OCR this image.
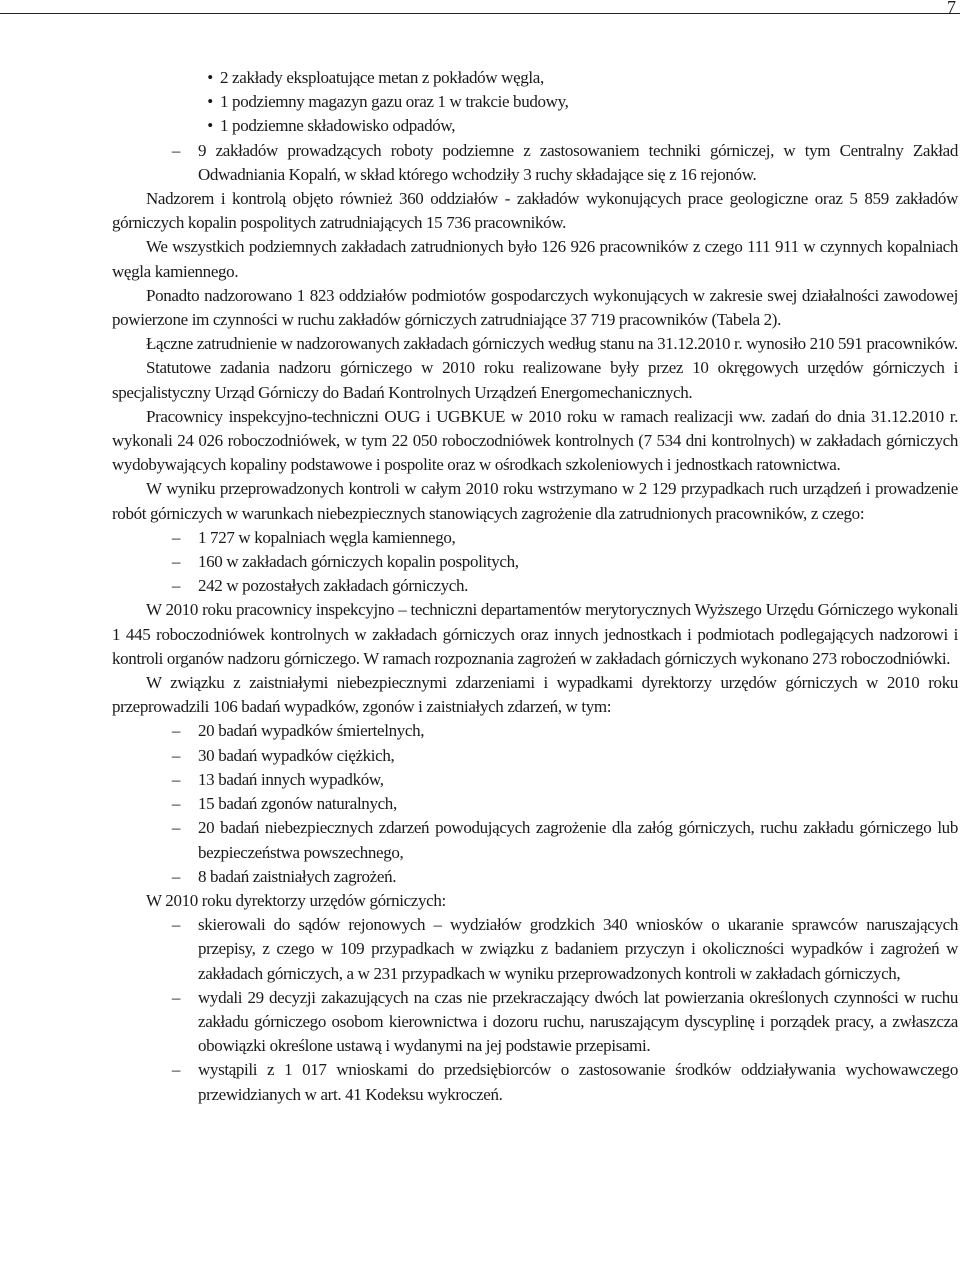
7
• 2 zakłady eksploatujące metan z pokładów węgla,
• 1 podziemny magazyn gazu oraz 1 w trakcie budowy,
• 1 podziemne składowisko odpadów,
–	9 zakładów prowadzących roboty podziemne z zastosowaniem techniki górniczej, w tym Centralny Zakład Odwadniania Kopalń, w skład którego wchodziły 3 ruchy składające się z 16 rejonów.

Nadzorem i kontrolą objęto również 360 oddziałów - zakładów wykonujących prace geologiczne oraz 5 859 zakładów górniczych kopalin pospolitych zatrudniających 15 736 pracowników.

We wszystkich podziemnych zakładach zatrudnionych było 126 926 pracowników z czego 111 911 w czynnych kopalniach węgla kamiennego.

Ponadto nadzorowano 1 823 oddziałów podmiotów gospodarczych wykonujących w zakresie swej działalności zawodowej powierzone im czynności w ruchu zakładów górniczych zatrudniające 37 719 pracowników (Tabela 2).

Łączne zatrudnienie w nadzorowanych zakładach górniczych według stanu na 31.12.2010 r. wynosiło 210 591 pracowników.

Statutowe zadania nadzoru górniczego w 2010 roku realizowane były przez 10 okręgowych urzędów górniczych i specjalistyczny Urząd Górniczy do Badań Kontrolnych Urządzeń Energomechanicznych.

Pracownicy inspekcyjno-techniczni OUG i UGBKUE w 2010 roku w ramach realizacji ww. zadań do dnia 31.12.2010 r. wykonali 24 026 roboczodniówek, w tym 22 050 roboczodniówek kontrolnych (7 534 dni kontrolnych) w zakładach górniczych wydobywających kopaliny podstawowe i pospolite oraz w ośrodkach szkoleniowych i jednostkach ratownictwa.

W wyniku przeprowadzonych kontroli w całym 2010 roku wstrzymano w 2 129 przypadkach ruch urządzeń i prowadzenie robót górniczych w warunkach niebezpiecznych stanowiących zagrożenie dla zatrudnionych pracowników, z czego:

–	1 727 w kopalniach węgla kamiennego,
–	160 w zakładach górniczych kopalin pospolitych,
–	242 w pozostałych zakładach górniczych.

W 2010 roku pracownicy inspekcyjno – techniczni departamentów merytorycznych Wyższego Urzędu Górniczego wykonali 1 445 roboczodniówek kontrolnych w zakładach górniczych oraz innych jednostkach i podmiotach podlegających nadzorowi i kontroli organów nadzoru górniczego. W ramach rozpoznania zagrożeń w zakładach górniczych wykonano 273 roboczodniówki.

W związku z zaistniałymi niebezpiecznymi zdarzeniami i wypadkami dyrektorzy urzędów górniczych w 2010 roku przeprowadzili 106 badań wypadków, zgonów i zaistniałych zdarzeń, w tym:

–	20 badań wypadków śmiertelnych,
–	30 badań wypadków ciężkich,
–	13 badań innych wypadków,
–	15 badań zgonów naturalnych,
–	20 badań niebezpiecznych zdarzeń powodujących zagrożenie dla załóg górniczych, ruchu zakładu górniczego lub bezpieczeństwa powszechnego,
–	8 badań zaistniałych zagrożeń.

W 2010 roku dyrektorzy urzędów górniczych:

–	skierowali do sądów rejonowych – wydziałów grodzkich 340 wniosków o ukaranie sprawców naruszających przepisy, z czego w 109 przypadkach w związku z badaniem przyczyn i okoliczności wypadków i zagrożeń w zakładach górniczych, a w 231 przypadkach w wyniku przeprowadzonych kontroli w zakładach górniczych,
–	wydali 29 decyzji zakazujących na czas nie przekraczający dwóch lat powierzania określonych czynności w ruchu zakładu górniczego osobom kierownictwa i dozoru ruchu, naruszającym dyscyplinę i porządek pracy, a zwłaszcza obowiązki określone ustawą i wydanymi na jej podstawie przepisami.
–	wystąpili z 1 017 wnioskami do przedsiębiorców o zastosowanie środków oddziaływania wychowawczego przewidzianych w art. 41 Kodeksu wykroczeń.
